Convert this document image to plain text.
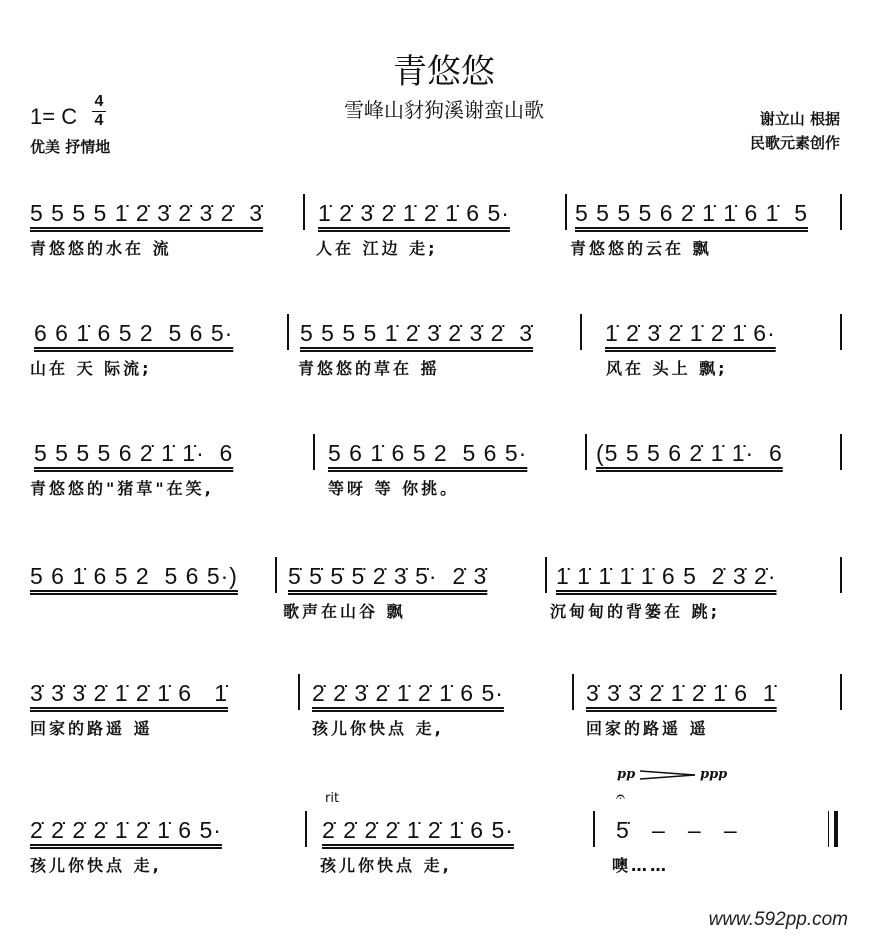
青悠悠
雪峰山豺狗溪谢蛮山歌
1= C
4
4
优美 抒情地
谢立山 根据
民歌元素创作
5 5 5 5 1̇ 2̇ 3̇ 2̇ 3̇ 2̇  3̇ 1̇ 2̇ 3̇ 2̇ 1̇ 2̇ 1̇ 6 5·	5 5 5 5 6 2̇ 1̇ 1̇ 6 1̇  5
青悠悠的水在 流	人在 江边 走;	青悠悠的云在 飘
6 6 1̇ 6 5 2  5 6 5·	5 5 5 5 1̇ 2̇ 3̇ 2̇ 3̇ 2̇  3̇	1̇ 2̇ 3̇ 2̇ 1̇ 2̇ 1̇ 6·
山在 天 际流;	青悠悠的草在 摇	风在 头上 飘;
5 5 5 5 6 2̇ 1̇ 1̇·  6	5 6 1̇ 6 5 2  5 6 5·	(5 5 5 6 2̇ 1̇ 1̇·  6
青悠悠的"猪草"在笑,	等呀 等 你挑。
5 6 1̇ 6 5 2  5 6 5·) 5̇ 5̇ 5̇ 5̇ 2̇ 3̇ 5̇·  2̇ 3̇	1̇ 1̇ 1̇ 1̇ 1̇ 6 5  2̇ 3̇ 2̇·
歌声在山谷 飘	沉甸甸的背篓在 跳;
3̇ 3̇ 3̇ 2̇ 1̇ 2̇ 1̇ 6   1̇	2̇ 2̇ 3̇ 2̇ 1̇ 2̇ 1̇ 6 5·	3̇ 3̇ 3̇ 2̇ 1̇ 2̇ 1̇ 6  1̇
回家的路遥 遥	孩儿你快点 走,	回家的路遥 遥
rit
pp	ppp
𝄐
2̇ 2̇ 2̇ 2̇ 1̇ 2̇ 1̇ 6 5·	2̇ 2̇ 2̇ 2̇ 1̇ 2̇ 1̇ 6 5·	5̇   –   –   –
孩儿你快点 走,	孩儿你快点 走,	噢……
www.592pp.com
